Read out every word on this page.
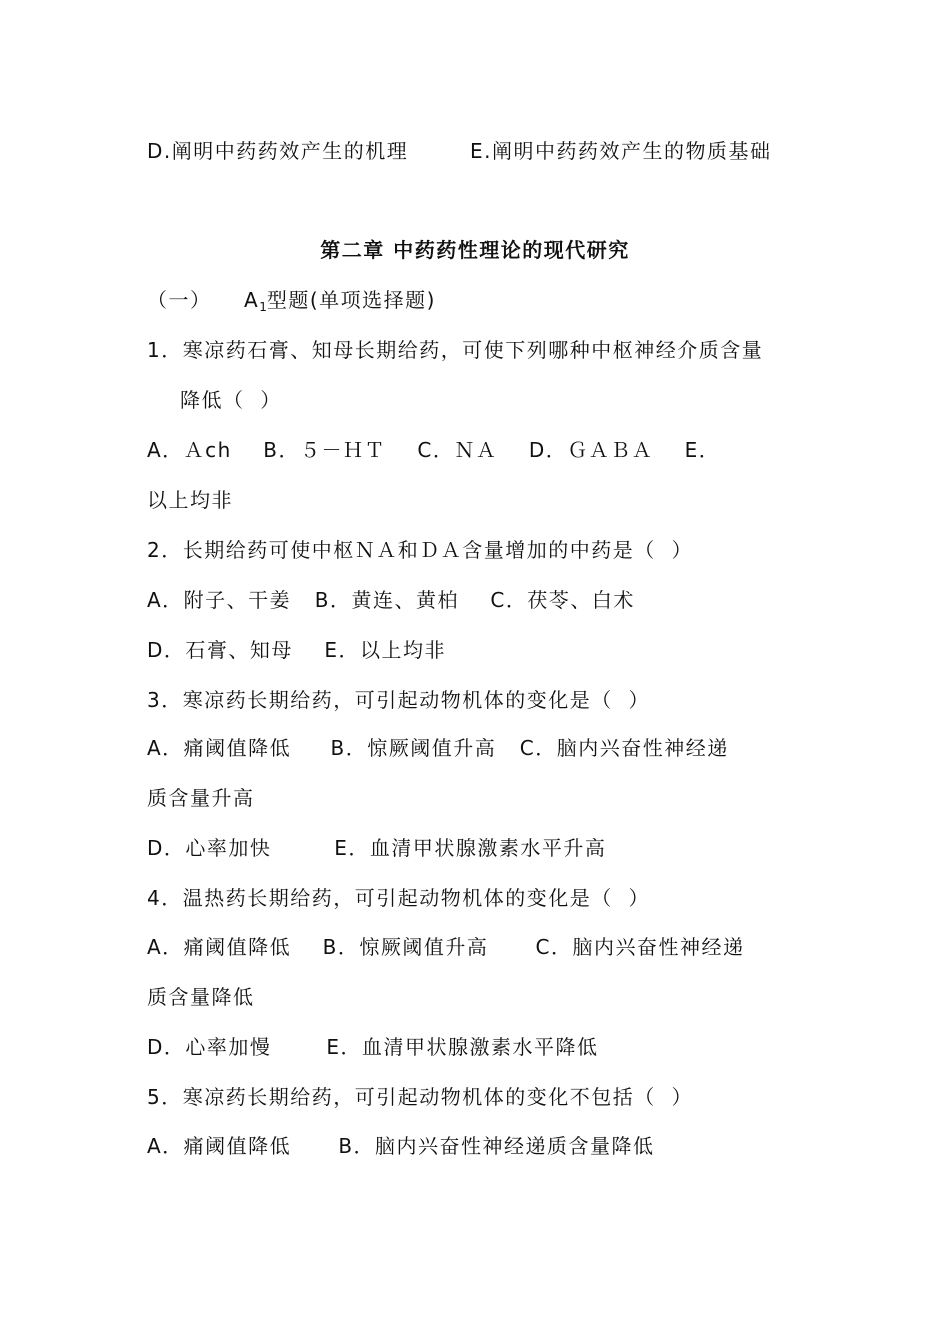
D.阐明中药药效产生的机理	E.阐明中药药效产生的物质基础
第二章 中药药性理论的现代研究
（一） $A_1$型题(单项选择题)
1．寒凉药石膏、知母长期给药，可使下列哪种中枢神经介质含量
降低（  ）
A．Ａch    B．５－ＨＴ    C．ＮＡ    D．ＧＡＢＡ    E．
以上均非
2．长期给药可使中枢ＮＡ和ＤＡ含量增加的中药是（  ）
A．附子、干姜   B．黄连、黄柏    C．茯苓、白术
D．石膏、知母    E．以上均非
3．寒凉药长期给药，可引起动物机体的变化是（  ）
A．痛阈值降低     B．惊厥阈值升高   C．脑内兴奋性神经递
质含量升高
D．心率加快        E．血清甲状腺激素水平升高
4．温热药长期给药，可引起动物机体的变化是（  ）
A．痛阈值降低    B．惊厥阈值升高      C．脑内兴奋性神经递
质含量降低
D．心率加慢       E．血清甲状腺激素水平降低
5．寒凉药长期给药，可引起动物机体的变化不包括（  ）
A．痛阈值降低      B．脑内兴奋性神经递质含量降低
